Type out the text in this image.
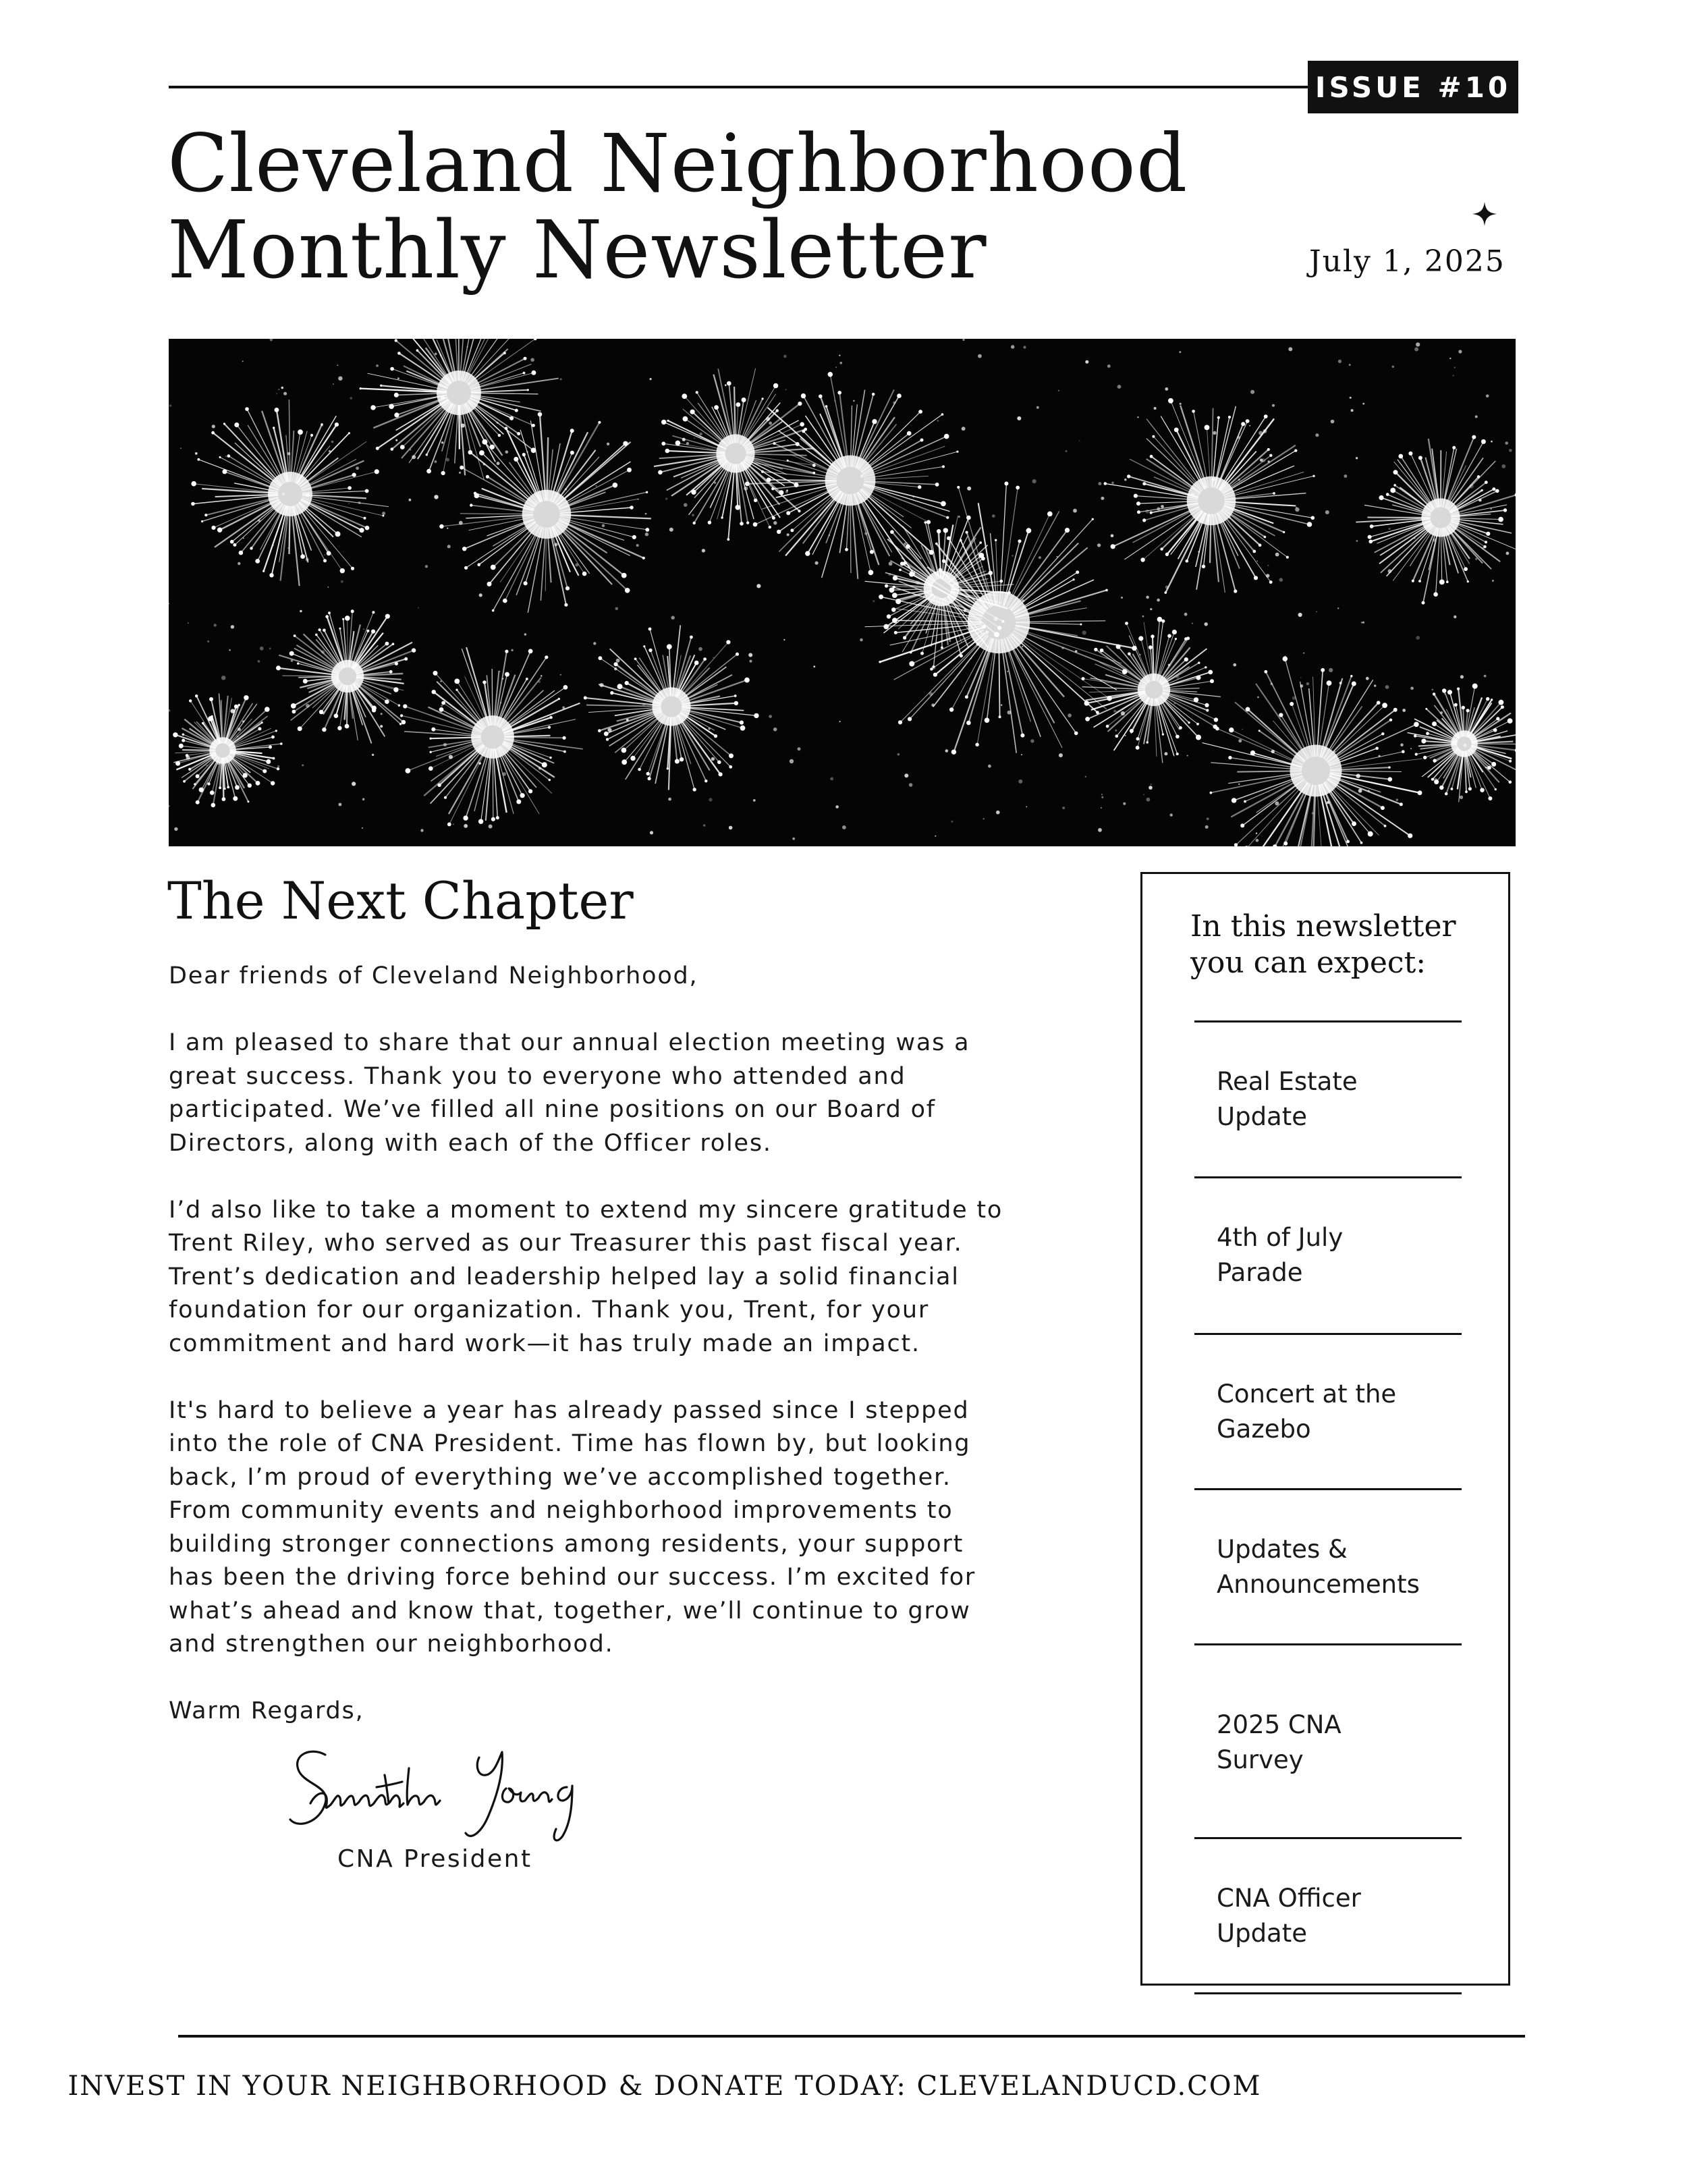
ISSUE #10
Cleveland Neighborhood
Monthly Newsletter	July 1, 2025
The Next Chapter

Dear friends of Cleveland Neighborhood,

I am pleased to share that our annual election meeting was a
great success. Thank you to everyone who attended and
participated. We’ve filled all nine positions on our Board of
Directors, along with each of the Officer roles.

I’d also like to take a moment to extend my sincere gratitude to
Trent Riley, who served as our Treasurer this past fiscal year.
Trent’s dedication and leadership helped lay a solid financial
foundation for our organization. Thank you, Trent, for your
commitment and hard work—it has truly made an impact.

It's hard to believe a year has already passed since I stepped
into the role of CNA President. Time has flown by, but looking
back, I’m proud of everything we’ve accomplished together.
From community events and neighborhood improvements to
building stronger connections among residents, your support
has been the driving force behind our success. I’m excited for
what’s ahead and know that, together, we’ll continue to grow
and strengthen our neighborhood.

Warm Regards,

CNA President
In this newsletter
you can expect:
Real Estate
Update
4th of July
Parade
Concert at the
Gazebo
Updates &
Announcements
2025 CNA
Survey
CNA Officer
Update
INVEST IN YOUR NEIGHBORHOOD & DONATE TODAY: CLEVELANDUCD.COM
